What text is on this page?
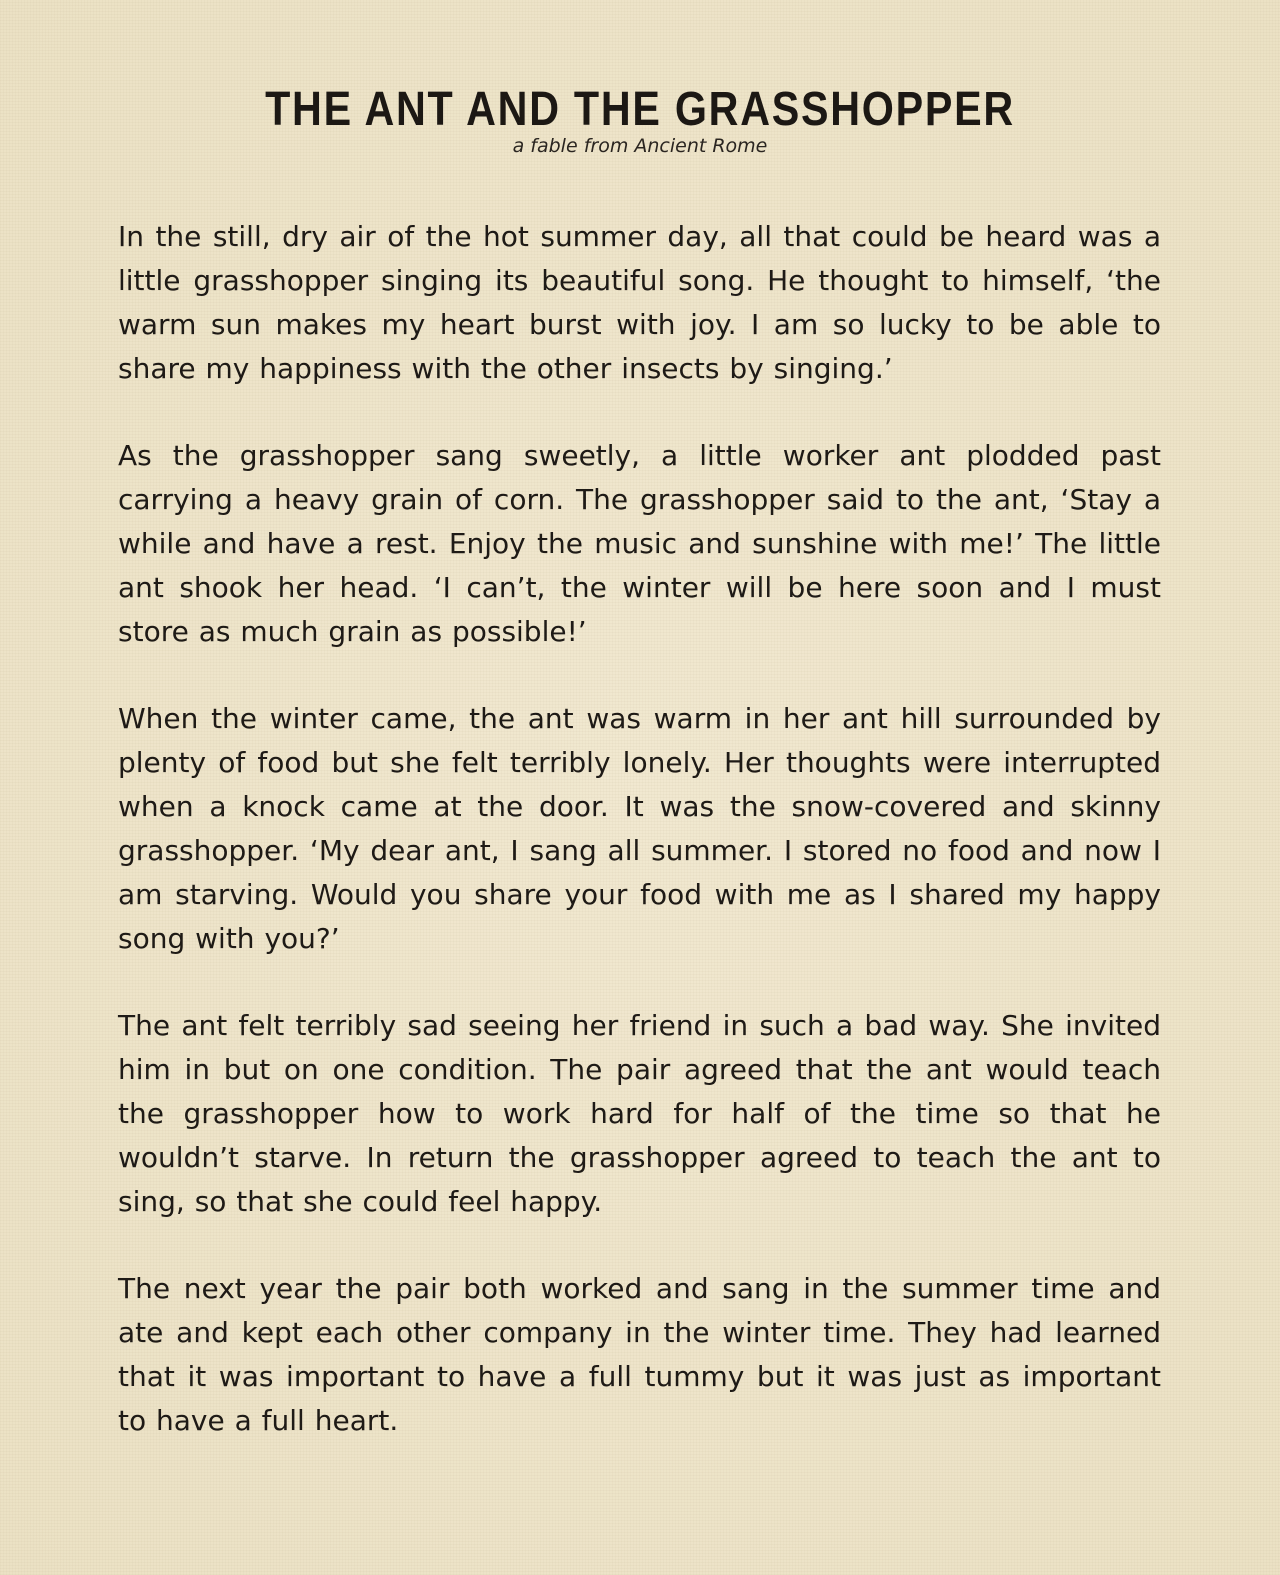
THE ANT AND THE GRASSHOPPER

a fable from Ancient Rome

In the still, dry air of the hot summer day, all that could be heard was a little grasshopper singing its beautiful song. He thought to himself, ‘the warm sun makes my heart burst with joy. I am so lucky to be able to share my happiness with the other insects by singing.’

As the grasshopper sang sweetly, a little worker ant plodded past carrying a heavy grain of corn. The grasshopper said to the ant, ‘Stay a while and have a rest. Enjoy the music and sunshine with me!’ The little ant shook her head. ‘I can’t, the winter will be here soon and I must store as much grain as possible!’

When the winter came, the ant was warm in her ant hill surrounded by plenty of food but she felt terribly lonely. Her thoughts were interrupted when a knock came at the door. It was the snow-covered and skinny grasshopper. ‘My dear ant, I sang all summer. I stored no food and now I am starving. Would you share your food with me as I shared my happy song with you?’

The ant felt terribly sad seeing her friend in such a bad way. She invited him in but on one condition. The pair agreed that the ant would teach the grasshopper how to work hard for half of the time so that he wouldn’t starve. In return the grasshopper agreed to teach the ant to sing, so that she could feel happy.

The next year the pair both worked and sang in the summer time and ate and kept each other company in the winter time. They had learned that it was important to have a full tummy but it was just as important to have a full heart.
